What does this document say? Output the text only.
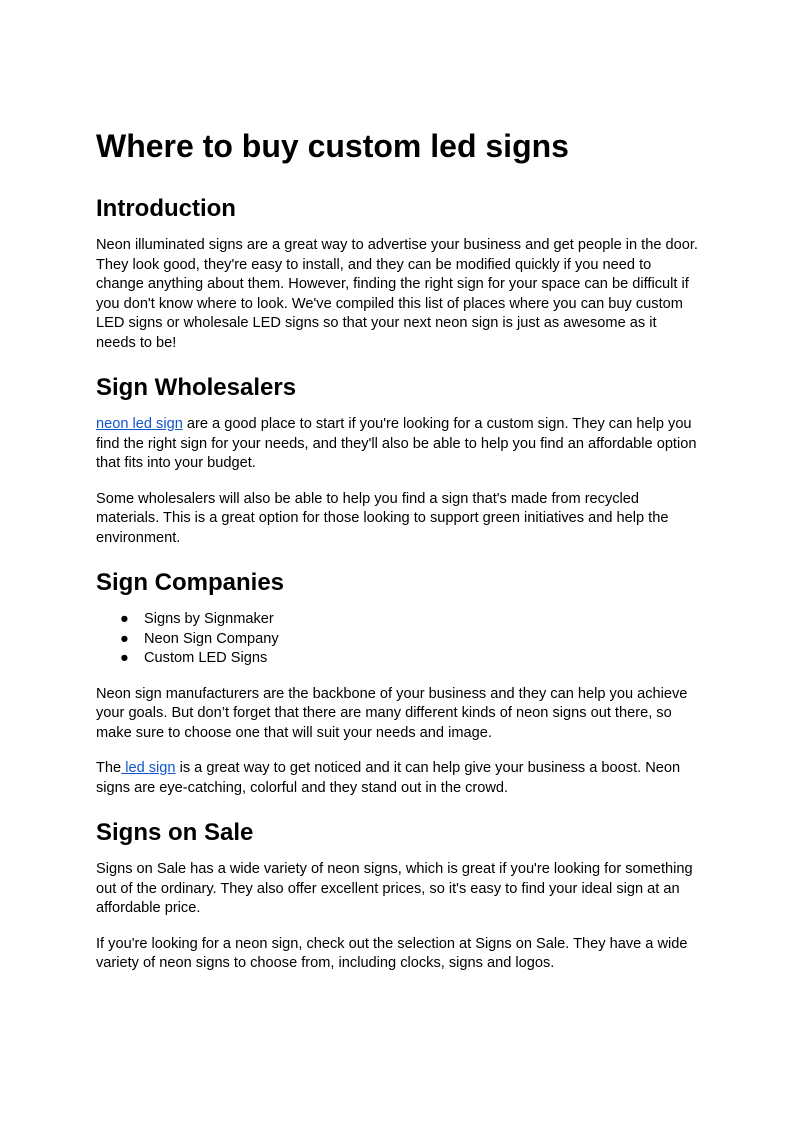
Where to buy custom led signs
Introduction

Neon illuminated signs are a great way to advertise your business and get people in the door. They look good, they're easy to install, and they can be modified quickly if you need to change anything about them. However, finding the right sign for your space can be difficult if you don't know where to look. We've compiled this list of places where you can buy custom LED signs or wholesale LED signs so that your next neon sign is just as awesome as it needs to be!

Sign Wholesalers

neon led sign are a good place to start if you're looking for a custom sign. They can help you find the right sign for your needs, and they'll also be able to help you find an affordable option that fits into your budget.

Some wholesalers will also be able to help you find a sign that's made from recycled materials. This is a great option for those looking to support green initiatives and help the environment.

Sign Companies
● Signs by Signmaker
● Neon Sign Company
● Custom LED Signs

Neon sign manufacturers are the backbone of your business and they can help you achieve your goals. But don’t forget that there are many different kinds of neon signs out there, so make sure to choose one that will suit your needs and image.

The led sign is a great way to get noticed and it can help give your business a boost. Neon signs are eye-catching, colorful and they stand out in the crowd.

Signs on Sale

Signs on Sale has a wide variety of neon signs, which is great if you're looking for something out of the ordinary. They also offer excellent prices, so it's easy to find your ideal sign at an affordable price.

If you're looking for a neon sign, check out the selection at Signs on Sale. They have a wide variety of neon signs to choose from, including clocks, signs and logos.
